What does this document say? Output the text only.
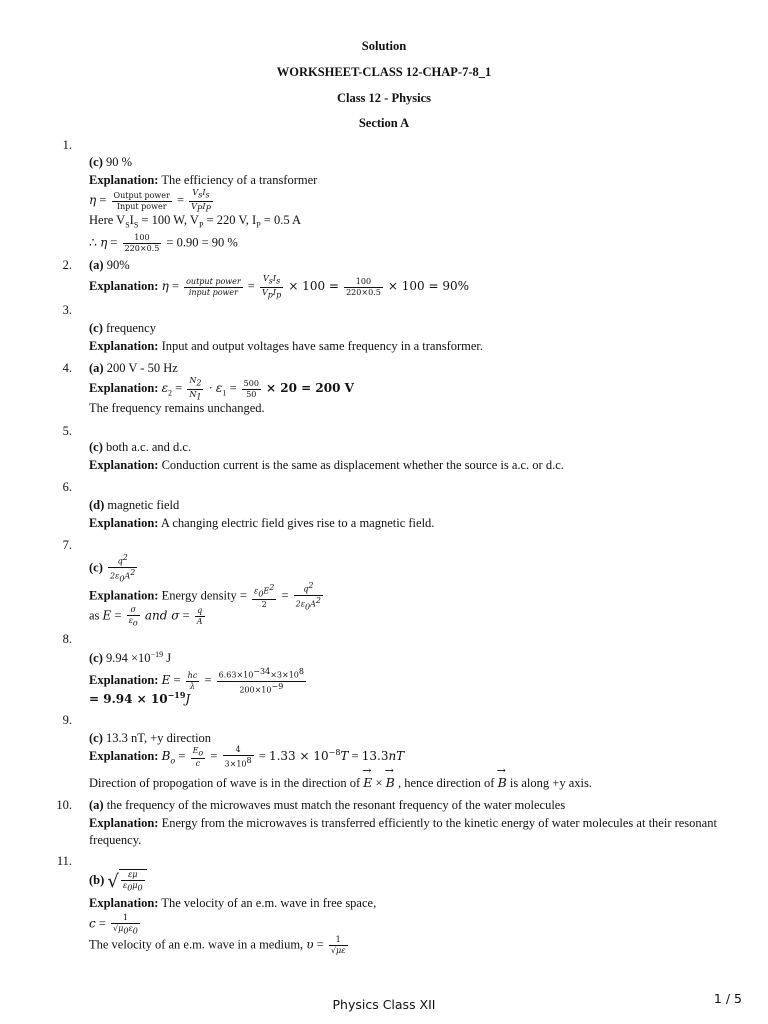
Solution
WORKSHEET-CLASS 12-CHAP-7-8_1
Class 12 - Physics
Section A
1.
(c) 90 %
Explanation: The efficiency of a transformer
$\eta = \frac{\text{Output power}}{\text{Input power}} = \frac{V_sI_s}{V_PI_P}$
Here $V_SI_S = 100$ W, $V_P = 220$ V, $I_P = 0.5$ A
∴ $\eta = \frac{100}{220\times 0.5} = 0.90 = 90$ %
2. (a) 90%
Explanation: $\eta = \frac{\text{output power}}{\text{input power}} = \frac{V_sI_s}{V_pI_p} \times 100 = \frac{100}{220\times 0.5} \times 100 = 90\%$
3.
(c) frequency
Explanation: Input and output voltages have same frequency in a transformer.
4. (a) 200 V - 50 Hz
Explanation: $\varepsilon_2 = \frac{N_2}{N_1} \cdot \varepsilon_1 = \frac{500}{50} \times 20 = 200$ V
The frequency remains unchanged.
5.
(c) both a.c. and d.c.
Explanation: Conduction current is the same as displacement whether the source is a.c. or d.c.
6.
(d) magnetic field
Explanation: A changing electric field gives rise to a magnetic field.
7.
$(c) \frac{q^2}{2\varepsilon_0A^2}$
Explanation: Energy density = $\frac{\varepsilon_0E^2}{2} = \frac{q^2}{2\varepsilon_0A^2}$
as $E = \frac{\sigma}{\varepsilon_o}$ and $\sigma = \frac{q}{A}$
8.
(c) $9.94 \times 10^{-19}$ J
Explanation: $E = \frac{hc}{\lambda} = \frac{6.63\times 10^{-34}\times 3\times 10^8}{200\times 10^{-9}}$
= $9.94 \times 10^{-19}J$
9.
(c) 13.3 nT, +y direction
Explanation: $B_o = \frac{E_o}{c} = \frac{4}{3\times 10^8} = 1.33 \times 10^{-8}T = 13.3nT$
Direction of propogation of wave is in the direction of → E × → B , hence direction of → B is along +y axis.
10. (a) the frequency of the microwaves must match the resonant frequency of the water molecules
Explanation: Energy from the microwaves is transferred efficiently to the kinetic energy of water molecules at their resonant frequency.
11.
(b) √ $\frac{\varepsilon\mu}{\varepsilon_0\mu_0}$
Explanation: The velocity of an e.m. wave in free space,
$c = \frac{1}{√\mu_0\varepsilon_0}$
The velocity of an e.m. wave in a medium, $\upsilon = \frac{1}{√\mu\varepsilon}$
Physics Class XII	1 / 5
